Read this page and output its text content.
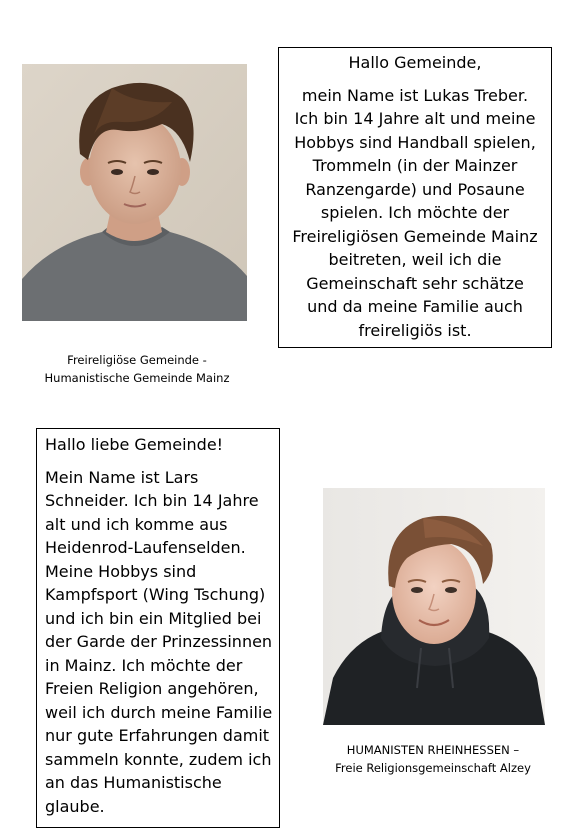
Freireligiöse Gemeinde -
Humanistische Gemeinde Mainz

Hallo Gemeinde,

mein Name ist Lukas Treber. Ich bin 14 Jahre alt und meine Hobbys sind Handball spielen, Trommeln (in der Mainzer Ranzengarde) und Posaune spielen. Ich möchte der Freireligiösen Gemeinde Mainz beitreten, weil ich die Gemeinschaft sehr schätze und da meine Familie auch freireligiös ist.

Hallo liebe Gemeinde!

Mein Name ist Lars Schneider. Ich bin 14 Jahre alt und ich komme aus Heidenrod-Laufenselden. Meine Hobbys sind Kampfsport (Wing Tschung) und ich bin ein Mitglied bei der Garde der Prinzessinnen in Mainz. Ich möchte der Freien Religion angehören, weil ich durch meine Familie nur gute Erfahrungen damit sammeln konnte, zudem ich an das Humanistische glaube.

HUMANISTEN RHEINHESSEN –
Freie Religionsgemeinschaft Alzey
